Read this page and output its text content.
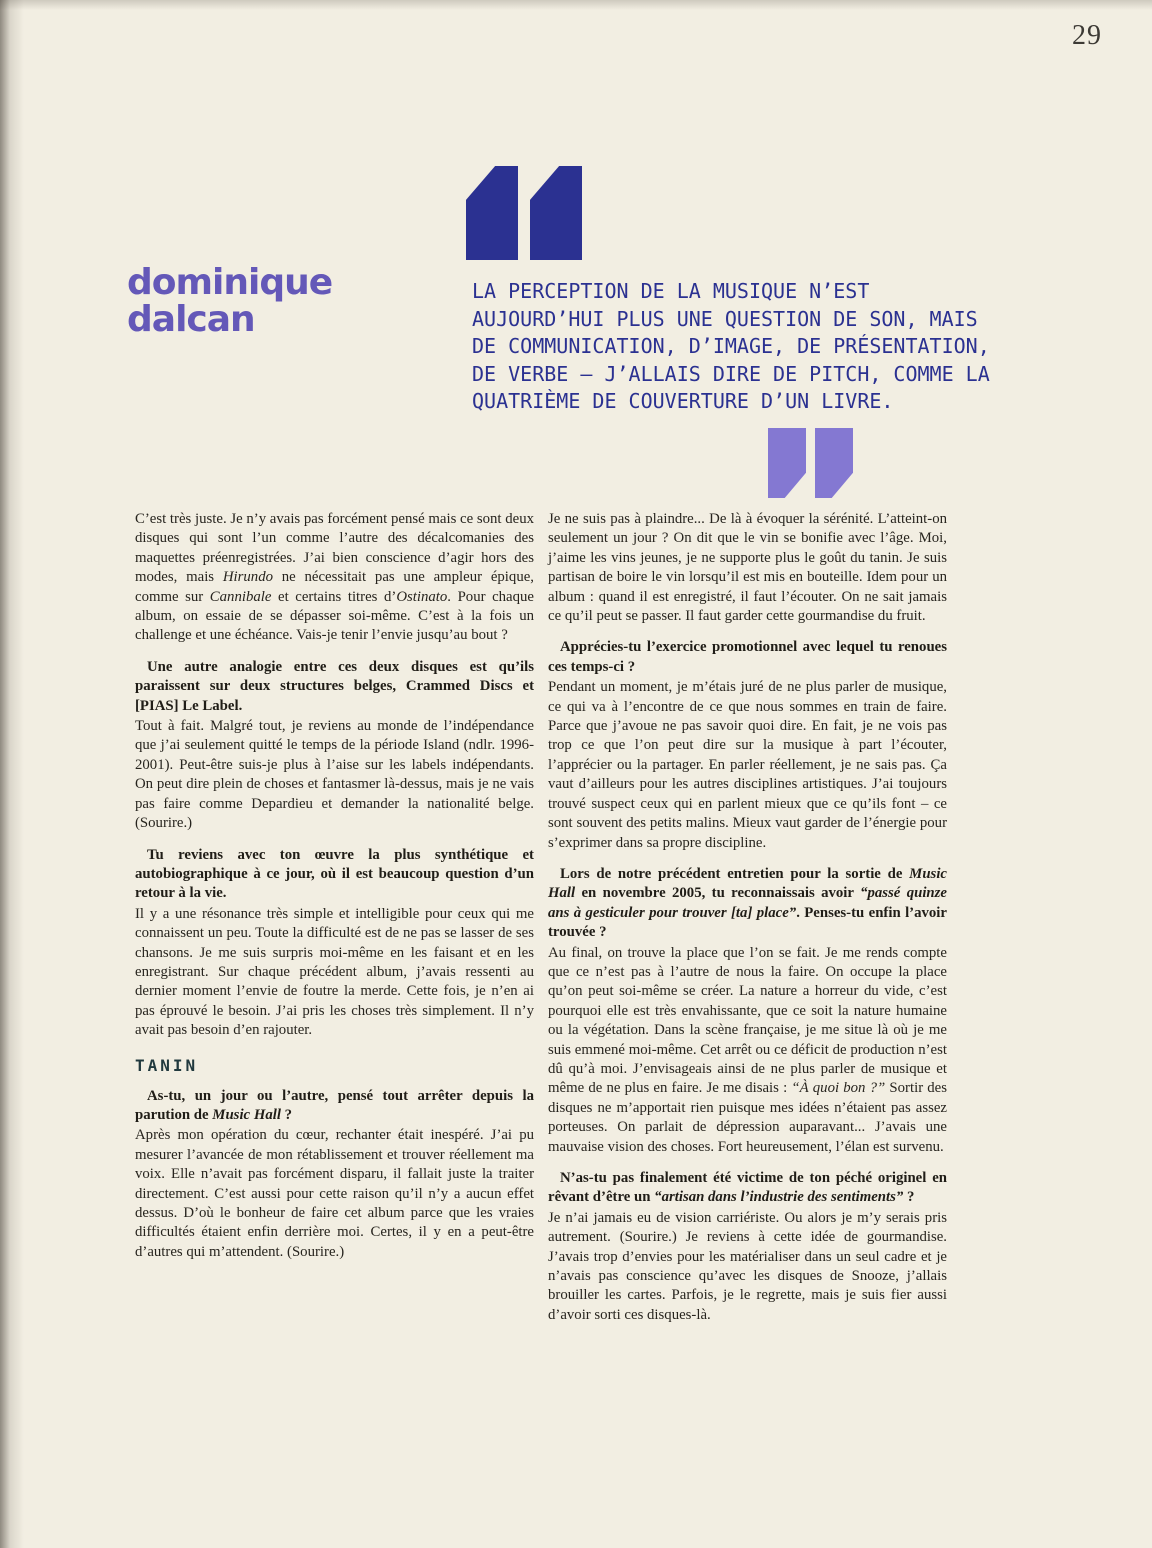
29
dominique
dalcan
LA PERCEPTION DE LA MUSIQUE N’EST
AUJOURD’HUI PLUS UNE QUESTION DE SON, MAIS
DE COMMUNICATION, D’IMAGE, DE PRÉSENTATION,
DE VERBE – J’ALLAIS DIRE DE PITCH, COMME LA
QUATRIÈME DE COUVERTURE D’UN LIVRE.

C’est très juste. Je n’y avais pas forcément pensé mais ce sont deux disques qui sont l’un comme l’autre des décalcomanies des maquettes préenregistrées. J’ai bien conscience d’agir hors des modes, mais Hirundo ne nécessitait pas une ampleur épique, comme sur Cannibale et certains titres d’Ostinato. Pour chaque album, on essaie de se dépasser soi-même. C’est à la fois un challenge et une échéance. Vais-je tenir l’envie jusqu’au bout ?

Une autre analogie entre ces deux disques est qu’ils paraissent sur deux structures belges, Crammed Discs et [PIAS] Le Label.

Tout à fait. Malgré tout, je reviens au monde de l’indépendance que j’ai seulement quitté le temps de la période Island (ndlr. 1996-2001). Peut-être suis-je plus à l’aise sur les labels indépendants. On peut dire plein de choses et fantasmer là-dessus, mais je ne vais pas faire comme Depardieu et demander la nationalité belge. (Sourire.)

Tu reviens avec ton œuvre la plus synthétique et autobiographique à ce jour, où il est beaucoup question d’un retour à la vie.

Il y a une résonance très simple et intelligible pour ceux qui me connaissent un peu. Toute la difficulté est de ne pas se lasser de ses chansons. Je me suis surpris moi-même en les faisant et en les enregistrant. Sur chaque précédent album, j’avais ressenti au dernier moment l’envie de foutre la merde. Cette fois, je n’en ai pas éprouvé le besoin. J’ai pris les choses très simplement. Il n’y avait pas besoin d’en rajouter.

TANIN

As-tu, un jour ou l’autre, pensé tout arrêter depuis la parution de Music Hall ?

Après mon opération du cœur, rechanter était inespéré. J’ai pu mesurer l’avancée de mon rétablissement et trouver réellement ma voix. Elle n’avait pas forcément disparu, il fallait juste la traiter directement. C’est aussi pour cette raison qu’il n’y a aucun effet dessus. D’où le bonheur de faire cet album parce que les vraies difficultés étaient enfin derrière moi. Certes, il y en a peut-être d’autres qui m’attendent. (Sourire.)

Je ne suis pas à plaindre... De là à évoquer la sérénité. L’atteint-on seulement un jour ? On dit que le vin se bonifie avec l’âge. Moi, j’aime les vins jeunes, je ne supporte plus le goût du tanin. Je suis partisan de boire le vin lorsqu’il est mis en bouteille. Idem pour un album : quand il est enregistré, il faut l’écouter. On ne sait jamais ce qu’il peut se passer. Il faut garder cette gourmandise du fruit.

Apprécies-tu l’exercice promotionnel avec lequel tu renoues ces temps-ci ?

Pendant un moment, je m’étais juré de ne plus parler de musique, ce qui va à l’encontre de ce que nous sommes en train de faire. Parce que j’avoue ne pas savoir quoi dire. En fait, je ne vois pas trop ce que l’on peut dire sur la musique à part l’écouter, l’apprécier ou la partager. En parler réellement, je ne sais pas. Ça vaut d’ailleurs pour les autres disciplines artistiques. J’ai toujours trouvé suspect ceux qui en parlent mieux que ce qu’ils font – ce sont souvent des petits malins. Mieux vaut garder de l’énergie pour s’exprimer dans sa propre discipline.

Lors de notre précédent entretien pour la sortie de Music Hall en novembre 2005, tu reconnaissais avoir “passé quinze ans à gesticuler pour trouver [ta] place”. Penses-tu enfin l’avoir trouvée ?

Au final, on trouve la place que l’on se fait. Je me rends compte que ce n’est pas à l’autre de nous la faire. On occupe la place qu’on peut soi-même se créer. La nature a horreur du vide, c’est pourquoi elle est très envahissante, que ce soit la nature humaine ou la végétation. Dans la scène française, je me situe là où je me suis emmené moi-même. Cet arrêt ou ce déficit de production n’est dû qu’à moi. J’envisageais ainsi de ne plus parler de musique et même de ne plus en faire. Je me disais : “À quoi bon ?” Sortir des disques ne m’apportait rien puisque mes idées n’étaient pas assez porteuses. On parlait de dépression auparavant... J’avais une mauvaise vision des choses. Fort heureusement, l’élan est survenu.

N’as-tu pas finalement été victime de ton péché originel en rêvant d’être un “artisan dans l’industrie des sentiments” ?

Je n’ai jamais eu de vision carriériste. Ou alors je m’y serais pris autrement. (Sourire.) Je reviens à cette idée de gourmandise. J’avais trop d’envies pour les matérialiser dans un seul cadre et je n’avais pas conscience qu’avec les disques de Snooze, j’allais brouiller les cartes. Parfois, je le regrette, mais je suis fier aussi d’avoir sorti ces disques-là.
